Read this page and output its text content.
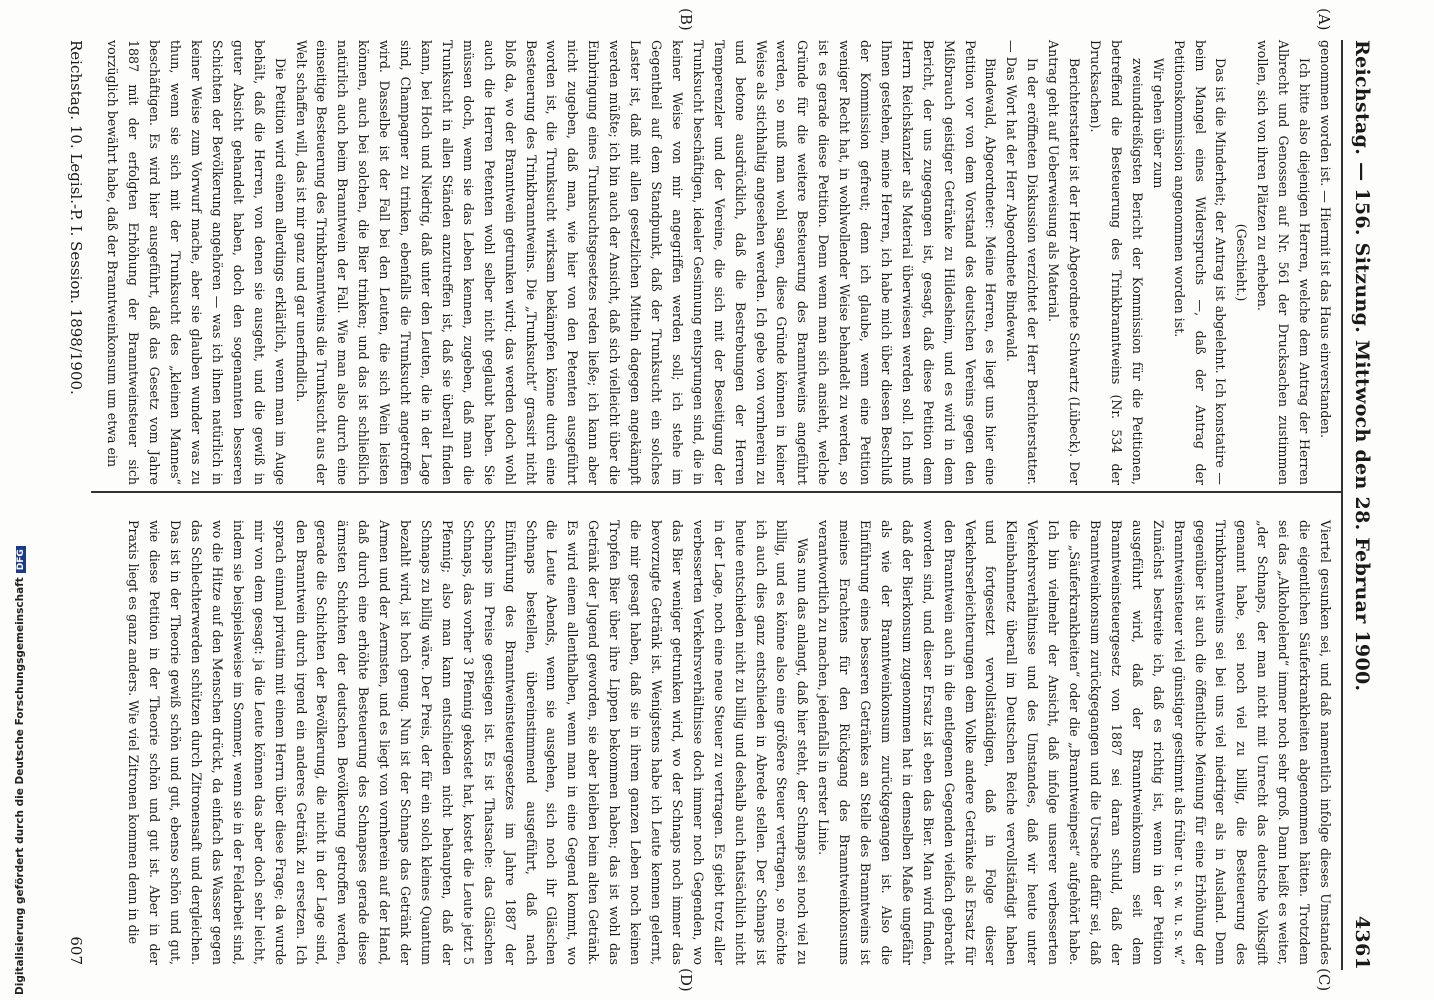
Reichstag. — 156. Sitzung. Mittwoch den 28. Februar 1900.
4361
(A)
(B)
(C)
(D)

genommen worden ist. — Hiermit ist das Haus einverstanden.

Ich bitte also diejenigen Herren, welche dem Antrag der Herren Albrecht und Genossen auf Nr. 561 der Drucksachen zustimmen wollen, sich von ihren Plätzen zu erheben.

(Geschieht.)

Das ist die Minderheit; der Antrag ist abgelehnt. Ich konstatire — beim Mangel eines Widerspruchs —, daß der Antrag der Petitionskommission angenommen worden ist.

Wir gehen über zum

zweiunddreißigsten Bericht der Kommission für die Petitionen, betreffend die Besteuerung des Trinkbranntweins (Nr. 534 der Drucksachen).

Berichterstatter ist der Herr Abgeordnete Schwartz (Lübeck). Der Antrag geht auf Ueberweisung als Material.

In der eröffneten Diskussion verzichtet der Herr Berichterstatter. — Das Wort hat der Herr Abgeordnete Bindewald.

Bindewald, Abgeordneter: Meine Herren, es liegt uns hier eine Petition vor von dem Vorstand des deutschen Vereins gegen den Mißbrauch geistiger Getränke zu Hildesheim, und es wird in dem Bericht, der uns zugegangen ist, gesagt, daß diese Petition dem Herrn Reichskanzler als Material überwiesen werden soll. Ich muß Ihnen gestehen, meine Herren, ich habe mich über diesen Beschluß der Kommission gefreut; denn ich glaube, wenn eine Petition weniger Recht hat, in wohlwollender Weise behandelt zu werden, so ist es gerade diese Petition. Denn wenn man sich ansieht, welche Gründe für die weitere Besteuerung des Branntweins angeführt werden, so muß man wohl sagen, diese Gründe können in keiner Weise als stichhaltig angesehen werden. Ich gebe von vornherein zu und betone ausdrücklich, daß die Bestrebungen der Herren Temperenzler und der Vereine, die sich mit der Beseitigung der Trunksucht beschäftigen, idealer Gesinnung entsprungen sind, die in keiner Weise von mir angegriffen werden soll; ich stehe im Gegentheil auf dem Standpunkt, daß der Trunksucht ein solches Laster ist, daß mit allen gesetzlichen Mitteln dagegen angekämpft werden müßte; ich bin auch der Ansicht, daß sich vielleicht über die Einbringung eines Trunksuchtsgesetzes reden ließe; ich kann aber nicht zugeben, daß man, wie hier von den Petenten ausgeführt worden ist, die Trunksucht wirksam bekämpfen könne durch eine Besteuerung des Trinkbranntweins. Die „Trunksucht“ grassirt nicht bloß da, wo der Branntwein getrunken wird; das werden doch wohl auch die Herren Petenten wohl selber nicht geglaubt haben. Sie müssen doch, wenn sie das Leben kennen, zugeben, daß man die Trunksucht in allen Ständen anzutreffen ist, daß sie überall finden kann, bei Hoch und Niedrig, daß unter den Leuten, die in der Lage sind, Champagner zu trinken, ebenfalls die Trunksucht angetroffen wird. Dasselbe ist der Fall bei den Leuten, die sich Wein leisten können, auch bei solchen, die Bier trinken; und das ist schließlich natürlich auch beim Branntwein der Fall. Wie man also durch eine einseitige Besteuerung des Trinkbranntweins die Trunksucht aus der Welt schaffen will, das ist mir ganz und gar unerfindlich.

Die Petition wird einem allerdings erklärlich, wenn man im Auge behält, daß die Herren, von denen sie ausgeht, und die gewiß in guter Absicht gehandelt haben, doch den sogenannten besseren Schichten der Bevölkerung angehören — was ich ihnen natürlich in keiner Weise zum Vorwurf mache, aber sie glauben wunder was zu thun, wenn sie sich mit der Trunksucht des „kleinen Mannes“ beschäftigen. Es wird hier ausgeführt, daß das Gesetz vom Jahre 1887 mit der erfolgten Erhöhung der Branntweinsteuer sich vorzüglich bewährt habe, daß der Branntweinkonsum um etwa ein

Viertel gesunken sei, und daß namentlich infolge dieses Umstandes die eigentlichen Säuferkrankheiten abgenommen hätten. Trotzdem sei das „Alkoholelend“ immer noch sehr groß. Dann heißt es weiter, „der Schnaps, der man nicht mit Unrecht das deutsche Volksgift genannt habe, sei noch viel zu billig, die Besteuerung des Trinkbranntweins sei bei uns viel niedriger als in Ausland. Denn gegenüber ist auch die öffentliche Meinung für eine Erhöhung der Branntweinsteuer viel günstiger gestimmt als früher u. s. w. u. s. w.“ Zunächst bestreite ich, daß es richtig ist, wenn in der Petition ausgeführt wird, daß der Branntweinkonsum seit dem Branntweinsteuergesetz von 1887 sei daran schuld, daß der Branntweinkonsum zurückgegangen und die Ursache dafür sei, daß die „Säuferkrankheiten“ oder die „Branntweinpest“ aufgehört habe. Ich bin vielmehr der Ansicht, daß infolge unserer verbesserten Verkehrsverhältnisse und des Umstandes, daß wir heute unter Kleinbahnnetz überall im Deutschen Reiche vervollständigt haben und fortgesetzt vervollständigen, daß in Folge dieser Verkehrserleichterungen dem Volke andere Getränke als Ersatz für den Branntwein auch in die entlegenen Gegenden vielfach gebracht worden sind, und dieser Ersatz ist eben das Bier. Man wird finden, daß der Bierkonsum zugenommen hat in demselben Maße ungefähr als wie der Branntweinkonsum zurückgegangen ist. Also die Einführung eines besseren Getränkes an Stelle des Branntweins ist meines Erachtens für den Rückgang des Branntweinkonsums verantwortlich zu machen, jedenfalls in erster Linie.

Was nun das anlangt, daß hier steht, der Schnaps sei noch viel zu billig, und es könne also eine größere Steuer vertragen, so möchte ich auch dies ganz entschieden in Abrede stellen. Der Schnaps ist heute entschieden nicht zu billig und deshalb auch thatsächlich nicht in der Lage, noch eine neue Steuer zu vertragen. Es giebt trotz aller verbesserten Verkehrsverhältnisse doch immer noch Gegenden, wo das Bier weniger getrunken wird, wo der Schnaps noch immer das bevorzugte Getränk ist. Wenigstens habe ich Leute kennen gelernt, die mir gesagt haben, daß sie in ihrem ganzen Leben noch keinen Tropfen Bier über ihre Lippen bekommen haben; das ist wohl das Getränk der Jugend geworden, sie aber bleiben beim alten Getränk. Es wird einem allenthalben, wenn man in eine Gegend kommt, wo die Leute Abends, wenn sie ausgehen, sich noch ihr Gläschen Schnaps bestellen, übereinstimmend ausgeführt, daß nach Einführung des Branntweinsteuergesetzes im Jahre 1887 der Schnaps im Preise gestiegen ist. Es ist Thatsache: das Gläschen Schnaps, das vorher 3 Pfennig gekostet hat, kostet die Leute jetzt 5 Pfennig; also man kann entschieden nicht behaupten, daß der Schnaps zu billig wäre. Der Preis, der für ein solch kleines Quantum bezahlt wird, ist hoch genug. Nun ist der Schnaps das Getränk der Armen und der Aermsten, und es liegt von vornherein auf der Hand, daß durch eine erhöhte Besteuerung des Schnapses gerade diese ärmsten Schichten der deutschen Bevölkerung getroffen werden, gerade die Schichten der Bevölkerung, die nicht in der Lage sind, den Branntwein durch irgend ein anderes Getränk zu ersetzen. Ich sprach einmal privatim mit einem Herrn über diese Frage; da wurde mir von dem gesagt: ja die Leute können das aber doch sehr leicht, indem sie beispielsweise im Sommer, wenn sie in der Feldarbeit sind, wo die Hitze auf den Menschen drückt, da einfach das Wasser gegen das Schlechterwerden schützen durch Zitronensaft und dergleichen. Das ist in der Theorie gewiß schön und gut, ebenso schön und gut, wie diese Petition in der Theorie schön und gut ist. Aber in der Praxis liegt es ganz anders. Wie viel Zitronen kommen denn in die

Reichstag. 10. Legisl.-P. I. Session. 1898/1900.
607
Digitalisierung gefördert durch die Deutsche ForschungsgemeinschaftDFG
